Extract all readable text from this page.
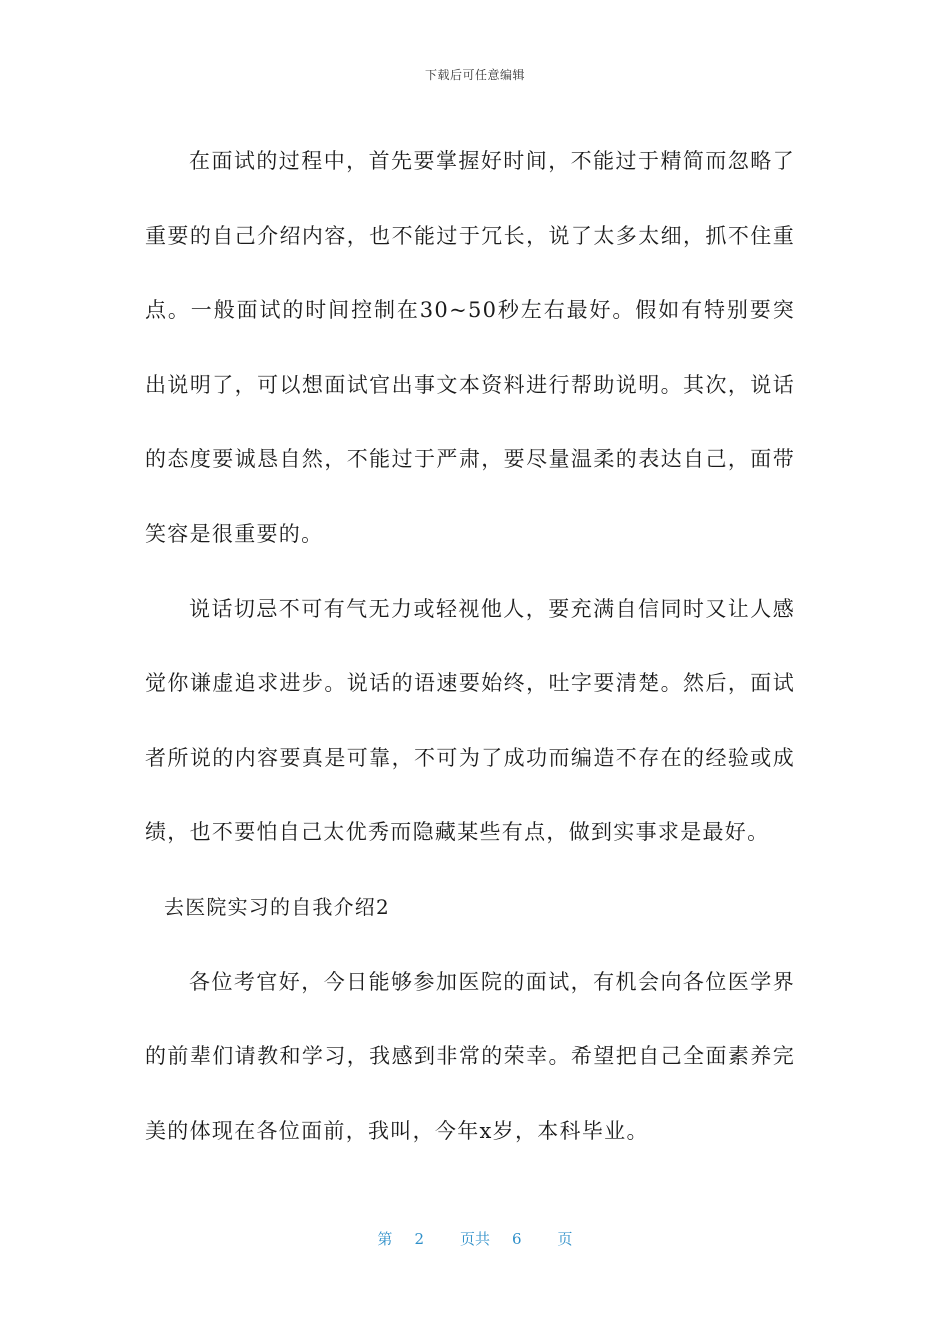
下载后可任意编辑

在面试的过程中，首先要掌握好时间，不能过于精简而忽略了重要的自己介绍内容，也不能过于冗长，说了太多太细，抓不住重点。一般面试的时间控制在30~50秒左右最好。假如有特别要突出说明了，可以想面试官出事文本资料进行帮助说明。其次，说话的态度要诚恳自然，不能过于严肃，要尽量温柔的表达自己，面带笑容是很重要的。

说话切忌不可有气无力或轻视他人，要充满自信同时又让人感觉你谦虚追求进步。说话的语速要始终，吐字要清楚。然后，面试者所说的内容要真是可靠，不可为了成功而编造不存在的经验或成绩，也不要怕自己太优秀而隐藏某些有点，做到实事求是最好。

去医院实习的自我介绍2

各位考官好，今日能够参加医院的面试，有机会向各位医学界的前辈们请教和学习，我感到非常的荣幸。希望把自己全面素养完美的体现在各位面前，我叫，今年x岁，本科毕业。

第 2 页共 6 页
